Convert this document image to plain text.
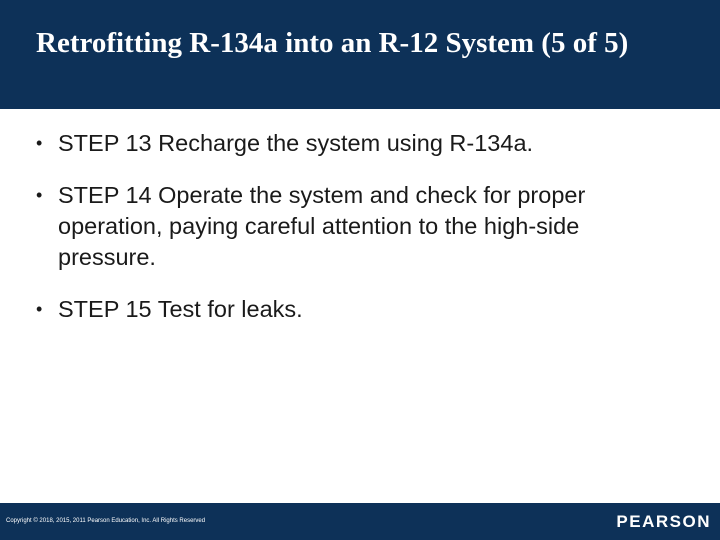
Retrofitting R-134a into an R-12 System (5 of 5)
• STEP 13 Recharge the system using R-134a.
• STEP 14 Operate the system and check for proper operation, paying careful attention to the high-side pressure.
• STEP 15 Test for leaks.
Copyright © 2018, 2015, 2011 Pearson Education, Inc. All Rights Reserved	PEARSON
